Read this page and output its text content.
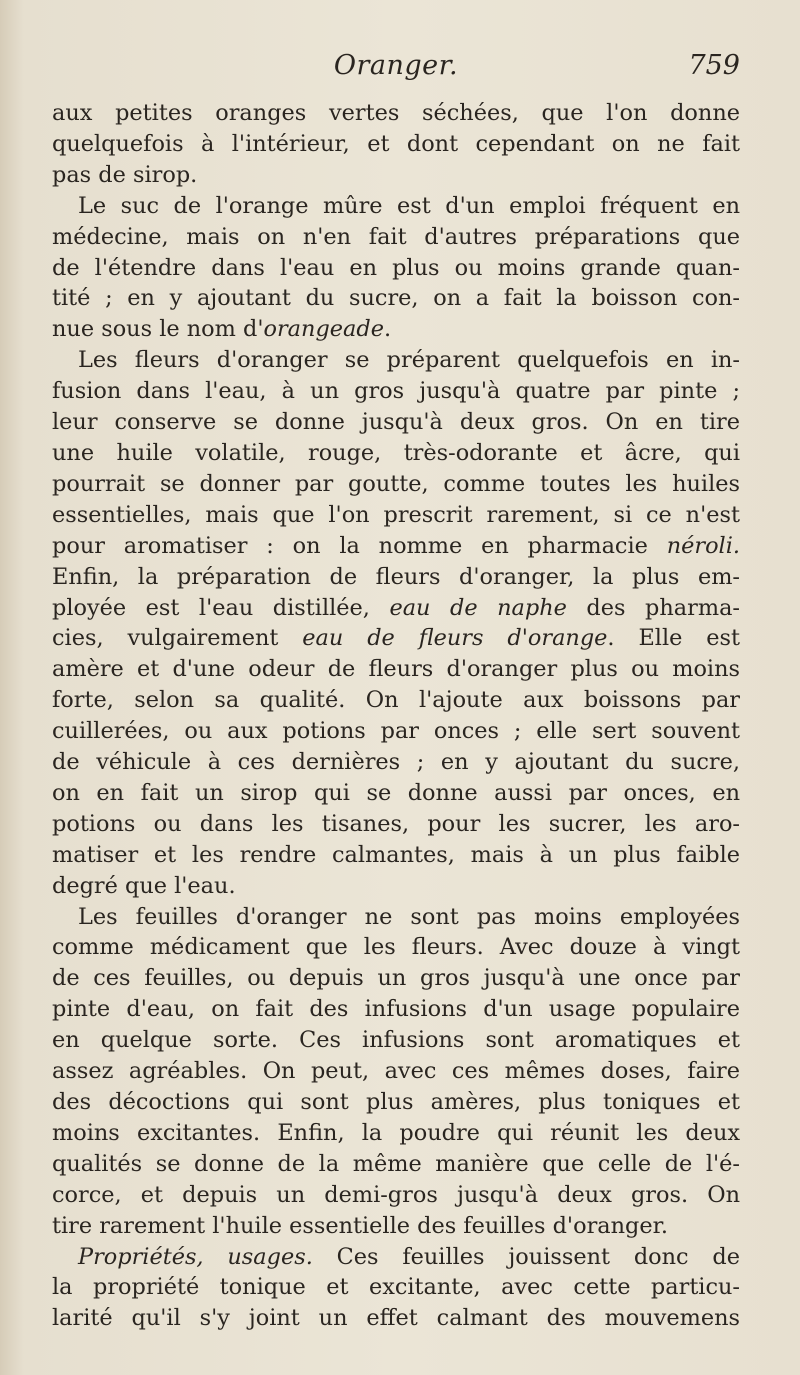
Oranger.	759

aux petites oranges vertes séchées, que l'on donne

quelquefois à l'intérieur, et dont cependant on ne fait

pas de sirop.

Le suc de l'orange mûre est d'un emploi fréquent en

médecine, mais on n'en fait d'autres préparations que

de l'étendre dans l'eau en plus ou moins grande quan-

tité ; en y ajoutant du sucre, on a fait la boisson con-

nue sous le nom d'orangeade.

Les fleurs d'oranger se préparent quelquefois en in-

fusion dans l'eau, à un gros jusqu'à quatre par pinte ;

leur conserve se donne jusqu'à deux gros. On en tire

une huile volatile, rouge, très-odorante et âcre, qui

pourrait se donner par goutte, comme toutes les huiles

essentielles, mais que l'on prescrit rarement, si ce n'est

pour aromatiser : on la nomme en pharmacie néroli.

Enfin, la préparation de fleurs d'oranger, la plus em-

ployée est l'eau distillée, eau de naphe des pharma-

cies, vulgairement eau de fleurs d'orange. Elle est

amère et d'une odeur de fleurs d'oranger plus ou moins

forte, selon sa qualité. On l'ajoute aux boissons par

cuillerées, ou aux potions par onces ; elle sert souvent

de véhicule à ces dernières ; en y ajoutant du sucre,

on en fait un sirop qui se donne aussi par onces, en

potions ou dans les tisanes, pour les sucrer, les aro-

matiser et les rendre calmantes, mais à un plus faible

degré que l'eau.

Les feuilles d'oranger ne sont pas moins employées

comme médicament que les fleurs. Avec douze à vingt

de ces feuilles, ou depuis un gros jusqu'à une once par

pinte d'eau, on fait des infusions d'un usage populaire

en quelque sorte. Ces infusions sont aromatiques et

assez agréables. On peut, avec ces mêmes doses, faire

des décoctions qui sont plus amères, plus toniques et

moins excitantes. Enfin, la poudre qui réunit les deux

qualités se donne de la même manière que celle de l'é-

corce, et depuis un demi-gros jusqu'à deux gros. On

tire rarement l'huile essentielle des feuilles d'oranger.

Propriétés, usages. Ces feuilles jouissent donc de

la propriété tonique et excitante, avec cette particu-

larité qu'il s'y joint un effet calmant des mouvemens
